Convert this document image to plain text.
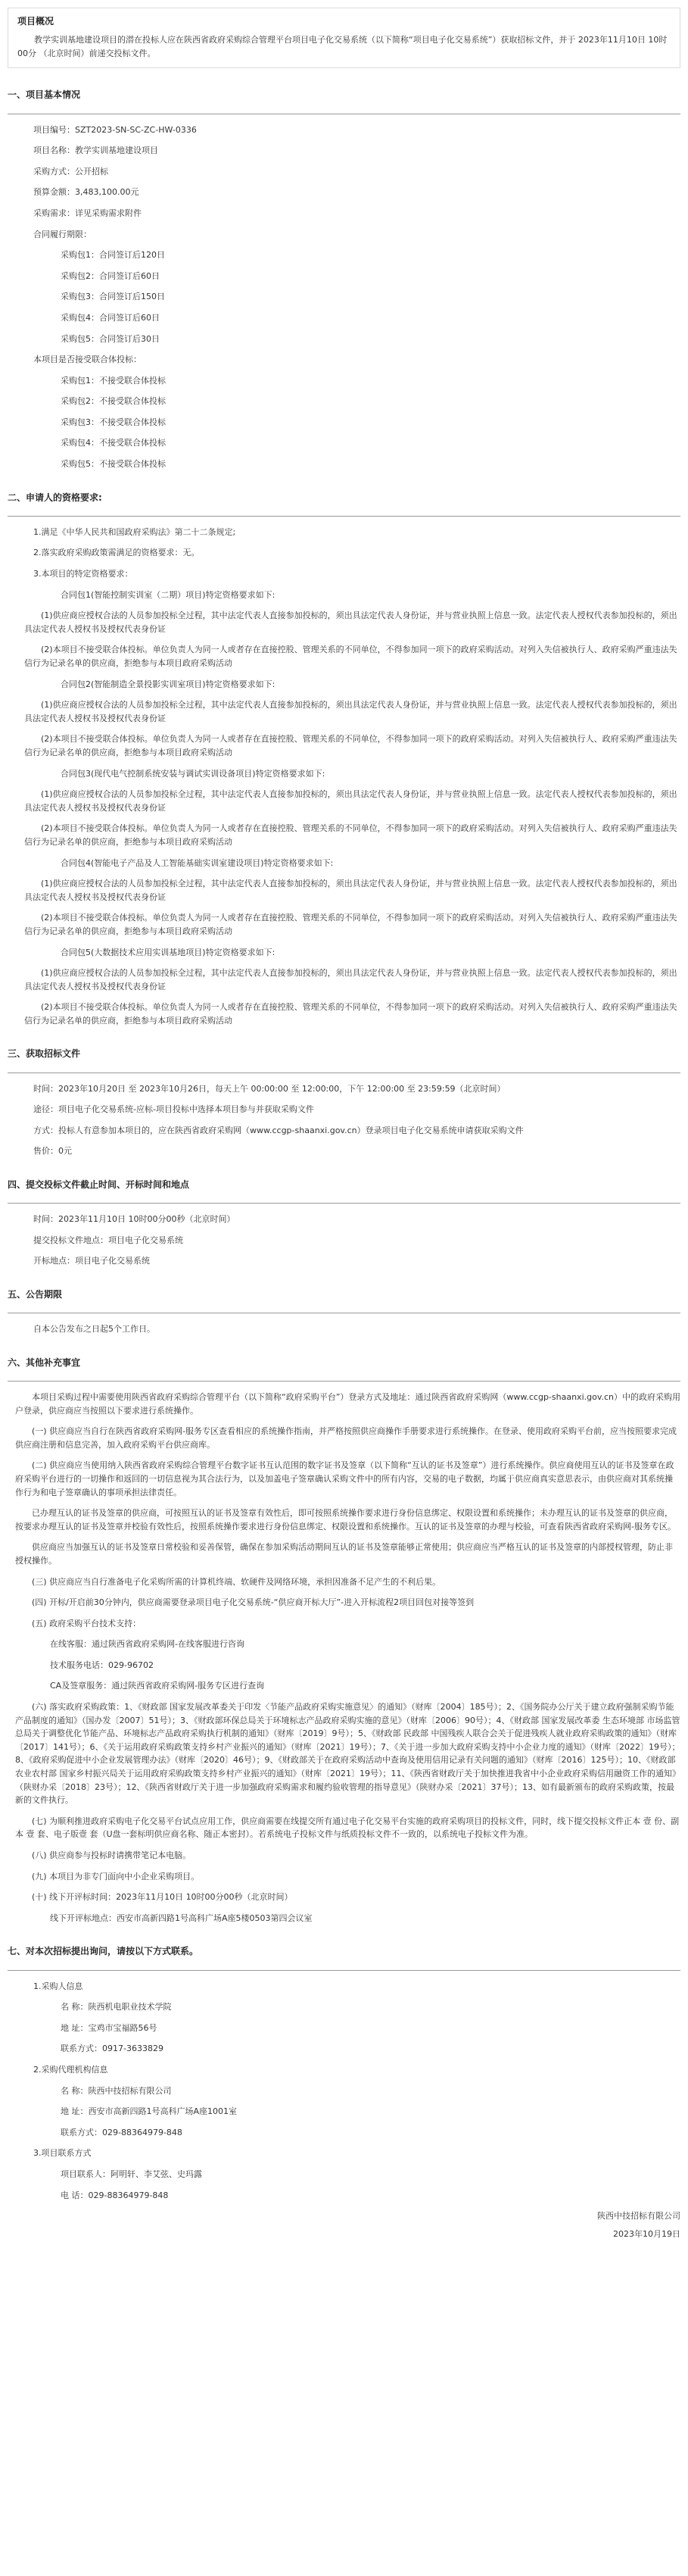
项目概况
教学实训基地建设项目的潜在投标人应在陕西省政府采购综合管理平台项目电子化交易系统（以下简称“项目电子化交易系统”）获取招标文件，并于 2023年11月10日 10时00分 （北京时间）前递交投标文件。
一、项目基本情况
项目编号：SZT2023-SN-SC-ZC-HW-0336
项目名称：教学实训基地建设项目
采购方式：公开招标
预算金额：3,483,100.00元
采购需求：详见采购需求附件
合同履行期限：
采购包1：合同签订后120日
采购包2：合同签订后60日
采购包3：合同签订后150日
采购包4：合同签订后60日
采购包5：合同签订后30日
本项目是否接受联合体投标：
采购包1：不接受联合体投标
采购包2：不接受联合体投标
采购包3：不接受联合体投标
采购包4：不接受联合体投标
采购包5：不接受联合体投标
二、申请人的资格要求:
1.满足《中华人民共和国政府采购法》第二十二条规定;
2.落实政府采购政策需满足的资格要求：无。
3.本项目的特定资格要求：
合同包1(智能控制实训室（二期）项目)特定资格要求如下:
(1)供应商应授权合法的人员参加投标全过程，其中法定代表人直接参加投标的，须出具法定代表人身份证，并与营业执照上信息一致。法定代表人授权代表参加投标的，须出具法定代表人授权书及授权代表身份证
(2)本项目不接受联合体投标。单位负责人为同一人或者存在直接控股、管理关系的不同单位，不得参加同一项下的政府采购活动。对列入失信被执行人、政府采购严重违法失信行为记录名单的供应商，拒绝参与本项目政府采购活动
合同包2(智能制造全景投影实训室项目)特定资格要求如下:
(1)供应商应授权合法的人员参加投标全过程，其中法定代表人直接参加投标的，须出具法定代表人身份证，并与营业执照上信息一致。法定代表人授权代表参加投标的，须出具法定代表人授权书及授权代表身份证
(2)本项目不接受联合体投标。单位负责人为同一人或者存在直接控股、管理关系的不同单位，不得参加同一项下的政府采购活动。对列入失信被执行人、政府采购严重违法失信行为记录名单的供应商，拒绝参与本项目政府采购活动
合同包3(现代电气控制系统安装与调试实训设备项目)特定资格要求如下:
(1)供应商应授权合法的人员参加投标全过程，其中法定代表人直接参加投标的，须出具法定代表人身份证，并与营业执照上信息一致。法定代表人授权代表参加投标的，须出具法定代表人授权书及授权代表身份证
(2)本项目不接受联合体投标。单位负责人为同一人或者存在直接控股、管理关系的不同单位，不得参加同一项下的政府采购活动。对列入失信被执行人、政府采购严重违法失信行为记录名单的供应商，拒绝参与本项目政府采购活动
合同包4(智能电子产品及人工智能基础实训室建设项目)特定资格要求如下:
(1)供应商应授权合法的人员参加投标全过程，其中法定代表人直接参加投标的，须出具法定代表人身份证，并与营业执照上信息一致。法定代表人授权代表参加投标的，须出具法定代表人授权书及授权代表身份证
(2)本项目不接受联合体投标。单位负责人为同一人或者存在直接控股、管理关系的不同单位，不得参加同一项下的政府采购活动。对列入失信被执行人、政府采购严重违法失信行为记录名单的供应商，拒绝参与本项目政府采购活动
合同包5(大数据技术应用实训基地项目)特定资格要求如下:
(1)供应商应授权合法的人员参加投标全过程，其中法定代表人直接参加投标的，须出具法定代表人身份证，并与营业执照上信息一致。法定代表人授权代表参加投标的，须出具法定代表人授权书及授权代表身份证
(2)本项目不接受联合体投标。单位负责人为同一人或者存在直接控股、管理关系的不同单位，不得参加同一项下的政府采购活动。对列入失信被执行人、政府采购严重违法失信行为记录名单的供应商，拒绝参与本项目政府采购活动
三、获取招标文件
时间：2023年10月20日 至 2023年10月26日，每天上午 00:00:00 至 12:00:00，下午 12:00:00 至 23:59:59（北京时间）
途径：项目电子化交易系统-应标-项目投标中选择本项目参与并获取采购文件
方式：投标人有意参加本项目的，应在陕西省政府采购网（www.ccgp-shaanxi.gov.cn）登录项目电子化交易系统申请获取采购文件
售价：0元
四、提交投标文件截止时间、开标时间和地点
时间：2023年11月10日 10时00分00秒（北京时间）
提交投标文件地点：项目电子化交易系统
开标地点：项目电子化交易系统
五、公告期限
自本公告发布之日起5个工作日。
六、其他补充事宜
本项目采购过程中需要使用陕西省政府采购综合管理平台（以下简称“政府采购平台”）登录方式及地址：通过陕西省政府采购网（www.ccgp-shaanxi.gov.cn）中的政府采购用户登录，供应商应当按照以下要求进行系统操作。
(一) 供应商应当自行在陕西省政府采购网-服务专区查看相应的系统操作指南，并严格按照供应商操作手册要求进行系统操作。在登录、使用政府采购平台前，应当按照要求完成供应商注册和信息完善，加入政府采购平台供应商库。
(二) 供应商应当使用纳入陕西省政府采购综合管理平台数字证书互认范围的数字证书及签章（以下简称“互认的证书及签章”）进行系统操作。供应商使用互认的证书及签章在政府采购平台进行的一切操作和返回的一切信息视为其合法行为，以及加盖电子签章确认采购文件中的所有内容，交易的电子数据，均属于供应商真实意思表示，由供应商对其系统操作行为和电子签章确认的事项承担法律责任。
已办理互认的证书及签章的供应商，可按照互认的证书及签章有效性后，即可按照系统操作要求进行身份信息绑定、权限设置和系统操作；未办理互认的证书及签章的供应商，按要求办理互认的证书及签章并校验有效性后，按照系统操作要求进行身份信息绑定、权限设置和系统操作。互认的证书及签章的办理与校验，可查看陕西省政府采购网-服务专区。
供应商应当加强互认的证书及签章日常校验和妥善保管，确保在参加采购活动期间互认的证书及签章能够正常使用；供应商应当严格互认的证书及签章的内部授权管理，防止非授权操作。
(三) 供应商应当自行准备电子化采购所需的计算机终端、软硬件及网络环境，承担因准备不足产生的不利后果。
(四) 开标/开启前30分钟内，供应商需要登录项目电子化交易系统-“供应商开标大厅”-进入开标流程2项目回包对接等签到
(五) 政府采购平台技术支持：
在线客服：通过陕西省政府采购网-在线客服进行咨询
技术服务电话：029-96702
CA及签章服务：通过陕西省政府采购网-服务专区进行查询
(六) 落实政府采购政策：1、《财政部 国家发展改革委关于印发〈节能产品政府采购实施意见〉的通知》（财库〔2004〕185号）；2、《国务院办公厅关于建立政府强制采购节能产品制度的通知》（国办发〔2007〕51号）；3、《财政部环保总局关于环境标志产品政府采购实施的意见》（财库〔2006〕90号）；4、《财政部 国家发展改革委 生态环境部 市场监管总局关于调整优化节能产品、环境标志产品政府采购执行机制的通知》（财库〔2019〕9号）；5、《财政部 民政部 中国残疾人联合会关于促进残疾人就业政府采购政策的通知》（财库〔2017〕141号）；6、《关于运用政府采购政策支持乡村产业振兴的通知》（财库〔2021〕19号）；7、《关于进一步加大政府采购支持中小企业力度的通知》（财库〔2022〕19号）；8、《政府采购促进中小企业发展管理办法》（财库〔2020〕46号）；9、《财政部关于在政府采购活动中查询及使用信用记录有关问题的通知》（财库〔2016〕125号）；10、《财政部 农业农村部 国家乡村振兴局关于运用政府采购政策支持乡村产业振兴的通知》（财库〔2021〕19号）；11、《陕西省财政厅关于加快推进我省中小企业政府采购信用融资工作的通知》（陕财办采〔2018〕23号）；12、《陕西省财政厅关于进一步加强政府采购需求和履约验收管理的指导意见》（陕财办采〔2021〕37号）；13、如有最新颁布的政府采购政策，按最新的文件执行。
(七) 为顺利推进政府采购电子化交易平台试点应用工作，供应商需要在线提交所有通过电子化交易平台实施的政府采购项目的投标文件，同时，线下提交投标文件正本 壹 份、副本 壹 套、电子版壹 套（U盘一套标明供应商名称、随正本密封）。若系统电子投标文件与纸质投标文件不一致的，以系统电子投标文件为准。
(八) 供应商参与投标时请携带笔记本电脑。
(九) 本项目为非专门面向中小企业采购项目。
(十) 线下开评标时间：2023年11月10日 10时00分00秒（北京时间）
线下开评标地点：西安市高新四路1号高科广场A座5楼0503第四会议室
七、对本次招标提出询问，请按以下方式联系。
1.采购人信息
名 称：陕西机电职业技术学院
地 址：宝鸡市宝福路56号
联系方式：0917-3633829
2.采购代理机构信息
名 称：陕西中技招标有限公司
地 址：西安市高新四路1号高科广场A座1001室
联系方式：029-88364979-848
3.项目联系方式
项目联系人：阿明轩、李艾弦、史玛露
电 话：029-88364979-848
陕西中技招标有限公司
2023年10月19日
